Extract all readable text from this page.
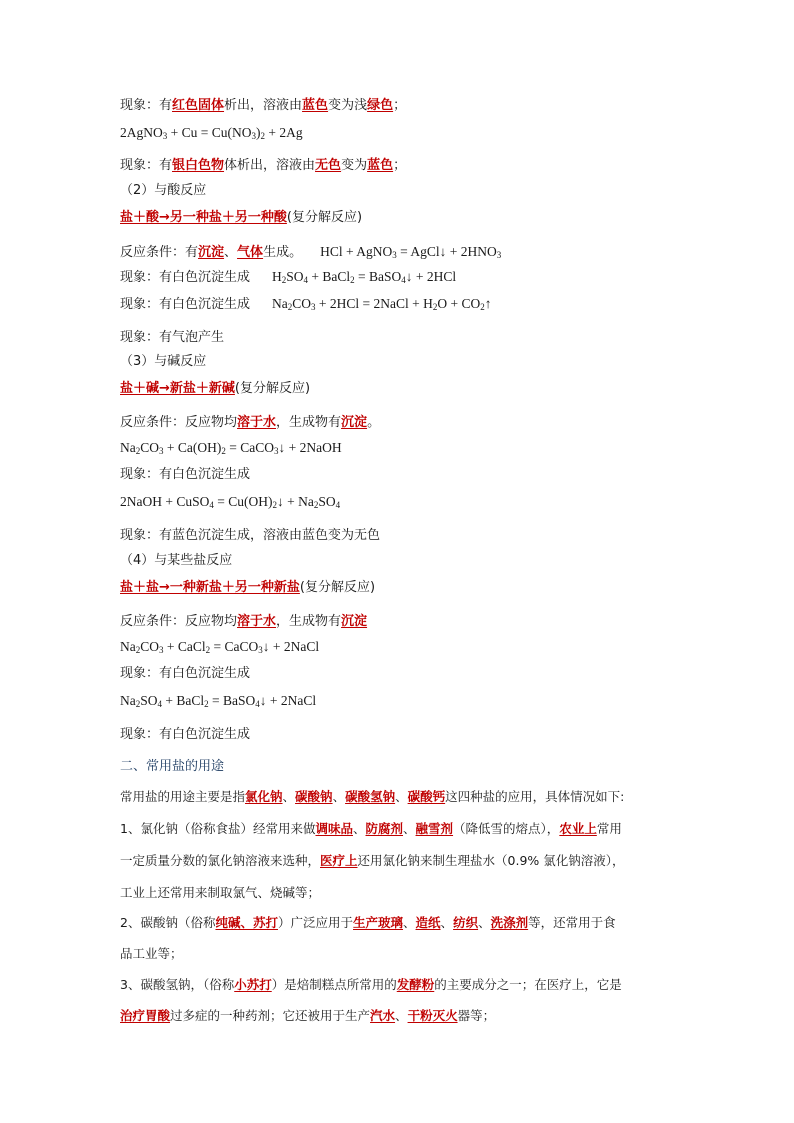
现象：有红色固体析出，溶液由蓝色变为浅绿色；
2AgNO$_3$ + $Cu = Cu(NO_3)_2 + 2Ag$
现象：有银白色物体析出，溶液由无色变为蓝色；
（2）与酸反应
盐＋酸→另一种盐＋另一种酸(复分解反应)
反应条件：有沉淀、气体生成。 HCl + AgNO$_3$ = AgCl↓ + $2HNO_3$
现象：有白色沉淀生成 $H_2SO_4$ + BaCl$_2$ = BaSO$_4$↓ + 2HCl
现象：有白色沉淀生成 $Na_2CO_3 + 2HCl$ = 2NaCl + $H_2O$ + $CO_2↑$
现象：有气泡产生
（3）与碱反应
盐＋碱→新盐＋新碱(复分解反应)
反应条件：反应物均溶于水，生成物有沉淀。
$Na_2CO_3 + Ca(OH)_2$ = CaCO$_3$↓ + 2NaOH
现象：有白色沉淀生成
2NaOH + CuSO$_4$ = $Cu(OH)_2↓ + Na_2SO_4$
现象：有蓝色沉淀生成，溶液由蓝色变为无色
（4）与某些盐反应
盐＋盐→一种新盐＋另一种新盐(复分解反应)
反应条件：反应物均溶于水，生成物有沉淀
$Na_2CO_3$ + CaCl$_2$ = CaCO$_3$↓ + 2NaCl
现象：有白色沉淀生成
$Na_2SO_4$ + BaCl$_2$ = BaSO$_4$↓ + 2NaCl
现象：有白色沉淀生成
二、常用盐的用途
常用盐的用途主要是指氯化钠、碳酸钠、碳酸氢钠、碳酸钙这四种盐的应用，具体情况如下:
1、氯化钠（俗称食盐）经常用来做调味品、防腐剂、融雪剂（降低雪的熔点），农业上常用
一定质量分数的氯化钠溶液来选种，医疗上还用氯化钠来制生理盐水（0.9% 氯化钠溶液），
工业上还常用来制取氯气、烧碱等；
2、碳酸钠（俗称纯碱、苏打）广泛应用于生产玻璃、造纸、纺织、洗涤剂等，还常用于食
品工业等；
3、碳酸氢钠，（俗称小苏打）是焙制糕点所常用的发酵粉的主要成分之一；在医疗上，它是
治疗胃酸过多症的一种药剂；它还被用于生产汽水、干粉灭火器等；
